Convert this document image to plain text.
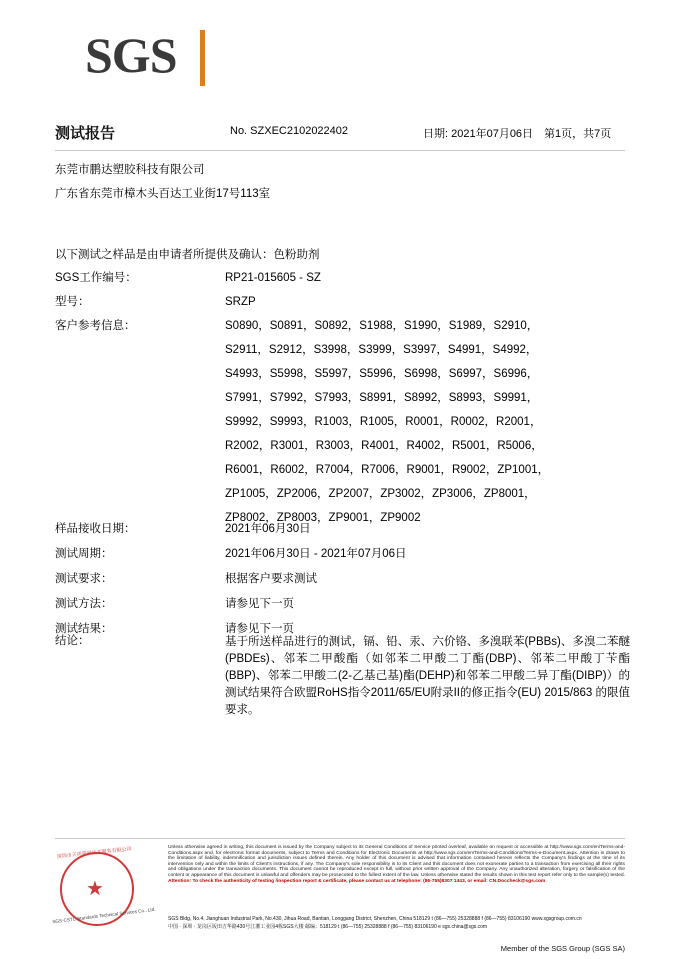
SGS
测试报告	No. SZXEC2102022402	日期: 2021年07月06日 第1页，共7页
东莞市鹏达塑胶科技有限公司
广东省东莞市樟木头百达工业街17号113室
以下测试之样品是由申请者所提供及确认：色粉助剂
SGS工作编号：	RP21-015605 - SZ
型号：	SRZP
客户参考信息：	S0890，S0891，S0892，S1988，S1990，S1989，S2910，
S2911，S2912，S3998，S3999，S3997，S4991，S4992，
S4993，S5998，S5997，S5996，S6998，S6997，S6996，
S7991，S7992，S7993，S8991，S8992，S8993，S9991，
S9992，S9993，R1003，R1005，R0001，R0002，R2001，
R2002，R3001，R3003，R4001，R4002，R5001，R5006，
R6001，R6002，R7004，R7006，R9001，R9002，ZP1001，
ZP1005，ZP2006，ZP2007，ZP3002，ZP3006，ZP8001，
ZP8002，ZP8003，ZP9001，ZP9002
样品接收日期：	2021年06月30日
测试周期：	2021年06月30日 - 2021年07月06日
测试要求：	根据客户要求测试
测试方法：	请参见下一页
测试结果：	请参见下一页
结论：	基于所送样品进行的测试，镉、铅、汞、六价铬、多溴联苯(PBBs)、多溴二苯醚(PBDEs)、邻苯二甲酸酯（如邻苯二甲酸二丁酯(DBP)、邻苯二甲酸丁苄酯(BBP)、邻苯二甲酸二(2-乙基己基)酯(DEHP)和邻苯二甲酸二异丁酯(DIBP)）的测试结果符合欧盟RoHS指令2011/65/EU附录II的修正指令(EU) 2015/863 的限值要求。
★
深圳市天祥质量技术服务有限公司
SGS-CSTC Standards Technical Services Co., Ltd.
Unless otherwise agreed in writing, this document is issued by the Company subject to its General Conditions of Service printed overleaf, available on request or accessible at http://www.sgs.com/en/Terms-and-Conditions.aspx and, for electronic format documents, subject to Terms and Conditions for Electronic Documents at http://www.sgs.com/en/Terms-and-Conditions/Terms-e-Document.aspx. Attention is drawn to the limitation of liability, indemnification and jurisdiction issues defined therein. Any holder of this document is advised that information contained hereon reflects the Company's findings at the time of its intervention only and within the limits of Client's instructions, if any. The Company's sole responsibility is to its Client and this document does not exonerate parties to a transaction from exercising all their rights and obligations under the transaction documents. This document cannot be reproduced except in full, without prior written approval of the Company. Any unauthorized alteration, forgery or falsification of the content or appearance of this document is unlawful and offenders may be prosecuted to the fullest extent of the law. Unless otherwise stated the results shown in this test report refer only to the sample(s) tested. Attention: To check the authenticity of testing /inspection report & certificate, please contact us at telephone: (86-755)8307 1443, or email: CN.Doccheck@sgs.com
SGS Bldg, No.4, Jianghuan Industrial Park, No.430, Jihua Road, Bantian, Longgang District, Shenzhen, China 518129 t (86—755) 25328888 f (86—755) 83106190 www.sgsgroup.com.cn
中国 · 深圳 · 龙岗区坂田吉华路430号江灌工业园4栋SGS大楼 邮编：518129 t (86—755) 25328888 f (86—755) 83106190 e sgs.china@sgs.com
Member of the SGS Group (SGS SA)
